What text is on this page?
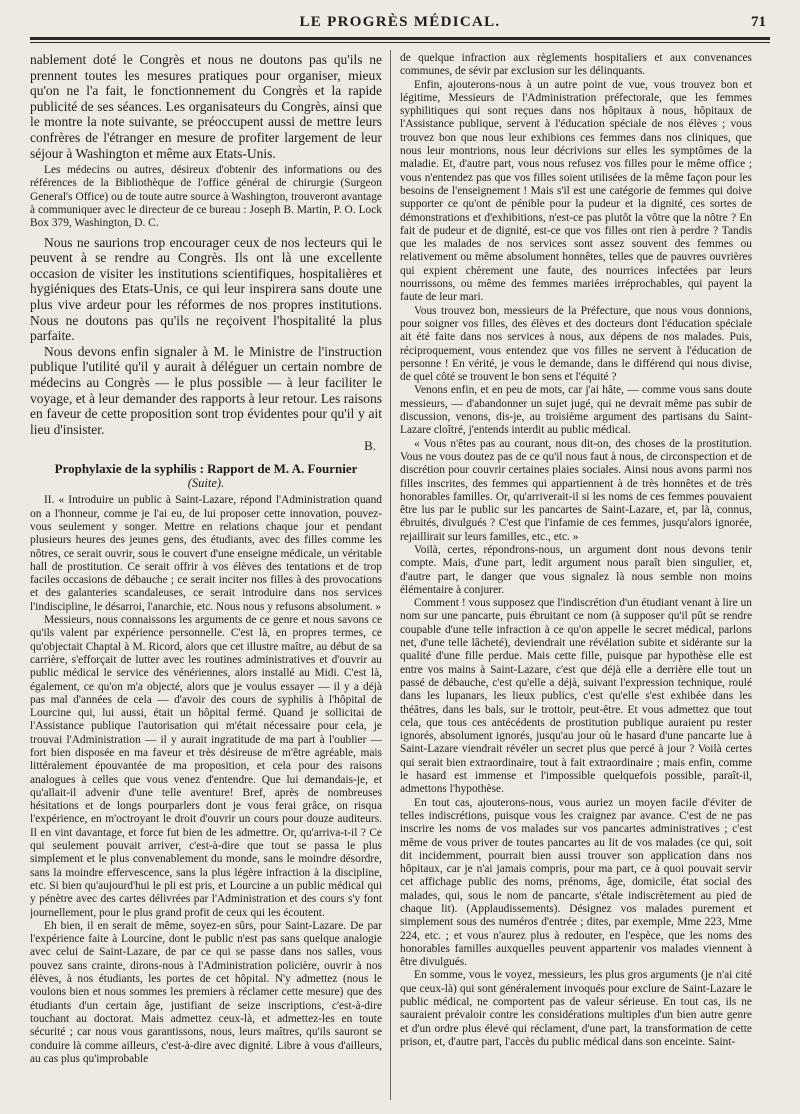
LE PROGRÈS MÉDICAL.	71

nablement doté le Congrès et nous ne doutons pas qu'ils ne prennent toutes les mesures pratiques pour organiser, mieux qu'on ne l'a fait, le fonctionnement du Congrès et la rapide publicité de ses séances. Les organisateurs du Congrès, ainsi que le montre la note suivante, se préoccupent aussi de mettre leurs confrères de l'étranger en mesure de profiter largement de leur séjour à Washington et même aux Etats-Unis.

Les médecins ou autres, désireux d'obtenir des informations ou des références de la Bibliothèque de l'office général de chirurgie (Surgeon General's Office) ou de toute autre source à Washington, trouveront avantage à communiquer avec le directeur de ce bureau : Joseph B. Martin, P. O. Lock Box 379, Washington, D. C.

Nous ne saurions trop encourager ceux de nos lecteurs qui le peuvent à se rendre au Congrès. Ils ont là une excellente occasion de visiter les institutions scientifiques, hospitalières et hygiéniques des Etats-Unis, ce qui leur inspirera sans doute une plus vive ardeur pour les réformes de nos propres institutions. Nous ne doutons pas qu'ils ne reçoivent l'hospitalité la plus parfaite.

Nous devons enfin signaler à M. le Ministre de l'instruction publique l'utilité qu'il y aurait à déléguer un certain nombre de médecins au Congrès — le plus possible — à leur faciliter le voyage, et à leur demander des rapports à leur retour. Les raisons en faveur de cette proposition sont trop évidentes pour qu'il y ait lieu d'insister.

B.

Prophylaxie de la syphilis : Rapport de M. A. Fournier

(Suite).

II. « Introduire un public à Saint-Lazare, répond l'Administration quand on a l'honneur, comme je l'ai eu, de lui proposer cette innovation, pouvez-vous seulement y songer. Mettre en relations chaque jour et pendant plusieurs heures des jeunes gens, des étudiants, avec des filles comme les nôtres, ce serait ouvrir, sous le couvert d'une enseigne médicale, un véritable hall de prostitution. Ce serait offrir à vos élèves des tentations et de trop faciles occasions de débauche ; ce serait inciter nos filles à des provocations et des galanteries scandaleuses, ce serait introduire dans nos services l'indiscipline, le désarroi, l'anarchie, etc. Nous nous y refusons absolument. »

Messieurs, nous connaissons les arguments de ce genre et nous savons ce qu'ils valent par expérience personnelle. C'est là, en propres termes, ce qu'objectait Chaptal à M. Ricord, alors que cet illustre maître, au début de sa carrière, s'efforçait de lutter avec les routines administratives et d'ouvrir au public médical le service des vénériennes, alors installé au Midi. C'est là, également, ce qu'on m'a objecté, alors que je voulus essayer — il y a déjà pas mal d'années de cela — d'avoir des cours de syphilis à l'hôpital de Lourcine qui, lui aussi, était un hôpital fermé. Quand je sollicitai de l'Assistance publique l'autorisation qui m'était nécessaire pour cela, je trouvai l'Administration — il y aurait ingratitude de ma part à l'oublier — fort bien disposée en ma faveur et très désireuse de m'être agréable, mais littéralement épouvantée de ma proposition, et cela pour des raisons analogues à celles que vous venez d'entendre. Que lui demandais-je, et qu'allait-il advenir d'une telle aventure! Bref, après de nombreuses hésitations et de longs pourparlers dont je vous ferai grâce, on risqua l'expérience, en m'octroyant le droit d'ouvrir un cours pour douze auditeurs. Il en vint davantage, et force fut bien de les admettre. Or, qu'arriva-t-il ? Ce qui seulement pouvait arriver, c'est-à-dire que tout se passa le plus simplement et le plus convenablement du monde, sans le moindre désordre, sans la moindre effervescence, sans la plus légère infraction à la discipline, etc. Si bien qu'aujourd'hui le pli est pris, et Lourcine a un public médical qui y pénètre avec des cartes délivrées par l'Administration et des cours s'y font journellement, pour le plus grand profit de ceux qui les écoutent.

Eh bien, il en serait de même, soyez-en sûrs, pour Saint-Lazare. De par l'expérience faite à Lourcine, dont le public n'est pas sans quelque analogie avec celui de Saint-Lazare, de par ce qui se passe dans nos salles, vous pouvez sans crainte, dirons-nous à l'Administration policière, ouvrir à nos élèves, à nos étudiants, les portes de cet hôpital. N'y admettez (nous le voulons bien et nous sommes les premiers à réclamer cette mesure) que des étudiants d'un certain âge, justifiant de seize inscriptions, c'est-à-dire touchant au doctorat. Mais admettez ceux-là, et admettez-les en toute sécurité ; car nous vous garantissons, nous, leurs maîtres, qu'ils sauront se conduire là comme ailleurs, c'est-à-dire avec dignité. Libre à vous d'ailleurs, au cas plus qu'improbable

de quelque infraction aux règlements hospitaliers et aux convenances communes, de sévir par exclusion sur les délinquants.

Enfin, ajouterons-nous à un autre point de vue, vous trouvez bon et légitime, Messieurs de l'Administration préfectorale, que les femmes syphilitiques qui sont reçues dans nos hôpitaux à nous, hôpitaux de l'Assistance publique, servent à l'éducation spéciale de nos élèves ; vous trouvez bon que nous leur exhibions ces femmes dans nos cliniques, que nous leur montrions, nous leur décrivions sur elles les symptômes de la maladie. Et, d'autre part, vous nous refusez vos filles pour le même office ; vous n'entendez pas que vos filles soient utilisées de la même façon pour les besoins de l'enseignement ! Mais s'il est une catégorie de femmes qui doive supporter ce qu'ont de pénible pour la pudeur et la dignité, ces sortes de démonstrations et d'exhibitions, n'est-ce pas plutôt la vôtre que la nôtre ? En fait de pudeur et de dignité, est-ce que vos filles ont rien à perdre ? Tandis que les malades de nos services sont assez souvent des femmes ou relativement ou même absolument honnêtes, telles que de pauvres ouvrières qui expient chèrement une faute, des nourrices infectées par leurs nourrissons, ou même des femmes mariées irréprochables, qui payent la faute de leur mari.

Vous trouvez bon, messieurs de la Préfecture, que nous vous donnions, pour soigner vos filles, des élèves et des docteurs dont l'éducation spéciale ait été faite dans nos services à nous, aux dépens de nos malades. Puis, réciproquement, vous entendez que vos filles ne servent à l'éducation de personne ! En vérité, je vous le demande, dans le différend qui nous divise, de quel côté se trouvent le bon sens et l'équité ?

Venons enfin, et en peu de mots, car j'ai hâte, — comme vous sans doute messieurs, — d'abandonner un sujet jugé, qui ne devrait même pas subir de discussion, venons, dis-je, au troisième argument des partisans du Saint-Lazare cloîtré, j'entends interdit au public médical.

« Vous n'êtes pas au courant, nous dit-on, des choses de la prostitution. Vous ne vous doutez pas de ce qu'il nous faut à nous, de circonspection et de discrétion pour couvrir certaines plaies sociales. Ainsi nous avons parmi nos filles inscrites, des femmes qui appartiennent à de très honnêtes et de très honorables familles. Or, qu'arriverait-il si les noms de ces femmes pouvaient être lus par le public sur les pancartes de Saint-Lazare, et, par là, connus, ébruités, divulgués ? C'est que l'infamie de ces femmes, jusqu'alors ignorée, rejaillirait sur leurs familles, etc., etc. »

Voilà, certes, répondrons-nous, un argument dont nous devons tenir compte. Mais, d'une part, ledit argument nous paraît bien singulier, et, d'autre part, le danger que vous signalez là nous semble non moins élémentaire à conjurer.

Comment ! vous supposez que l'indiscrétion d'un étudiant venant à lire un nom sur une pancarte, puis ébruitant ce nom (à supposer qu'il pût se rendre coupable d'une telle infraction à ce qu'on appelle le secret médical, parlons net, d'une telle lâcheté), deviendrait une révélation subite et sidérante sur la qualité d'une fille perdue. Mais cette fille, puisque par hypothèse elle est entre vos mains à Saint-Lazare, c'est que déjà elle a derrière elle tout un passé de débauche, c'est qu'elle a déjà, suivant l'expression technique, roulé dans les lupanars, les lieux publics, c'est qu'elle s'est exhibée dans les théâtres, dans les bals, sur le trottoir, peut-être. Et vous admettez que tout cela, que tous ces antécédents de prostitution publique auraient pu rester ignorés, absolument ignorés, jusqu'au jour où le hasard d'une pancarte lue à Saint-Lazare viendrait révéler un secret plus que percé à jour ? Voilà certes qui serait bien extraordinaire, tout à fait extraordinaire ; mais enfin, comme le hasard est immense et l'impossible quelquefois possible, paraît-il, admettons l'hypothèse.

En tout cas, ajouterons-nous, vous auriez un moyen facile d'éviter de telles indiscrétions, puisque vous les craignez par avance. C'est de ne pas inscrire les noms de vos malades sur vos pancartes administratives ; c'est même de vous priver de toutes pancartes au lit de vos malades (ce qui, soit dit incidemment, pourrait bien aussi trouver son application dans nos hôpitaux, car je n'ai jamais compris, pour ma part, ce à quoi pouvait servir cet affichage public des noms, prénoms, âge, domicile, état social des malades, qui, sous le nom de pancarte, s'étale indiscrètement au pied de chaque lit). (Applaudissements). Désignez vos malades purement et simplement sous des numéros d'entrée ; dites, par exemple, Mme 223, Mme 224, etc. ; et vous n'aurez plus à redouter, en l'espèce, que les noms des honorables familles auxquelles peuvent appartenir vos malades viennent à être divulgués.

En somme, vous le voyez, messieurs, les plus gros arguments (je n'ai cité que ceux-là) qui sont généralement invoqués pour exclure de Saint-Lazare le public médical, ne comportent pas de valeur sérieuse. En tout cas, ils ne sauraient prévaloir contre les considérations multiples d'un bien autre genre et d'un ordre plus élevé qui réclament, d'une part, la transformation de cette prison, et, d'autre part, l'accès du public médical dans son enceinte. Saint-
